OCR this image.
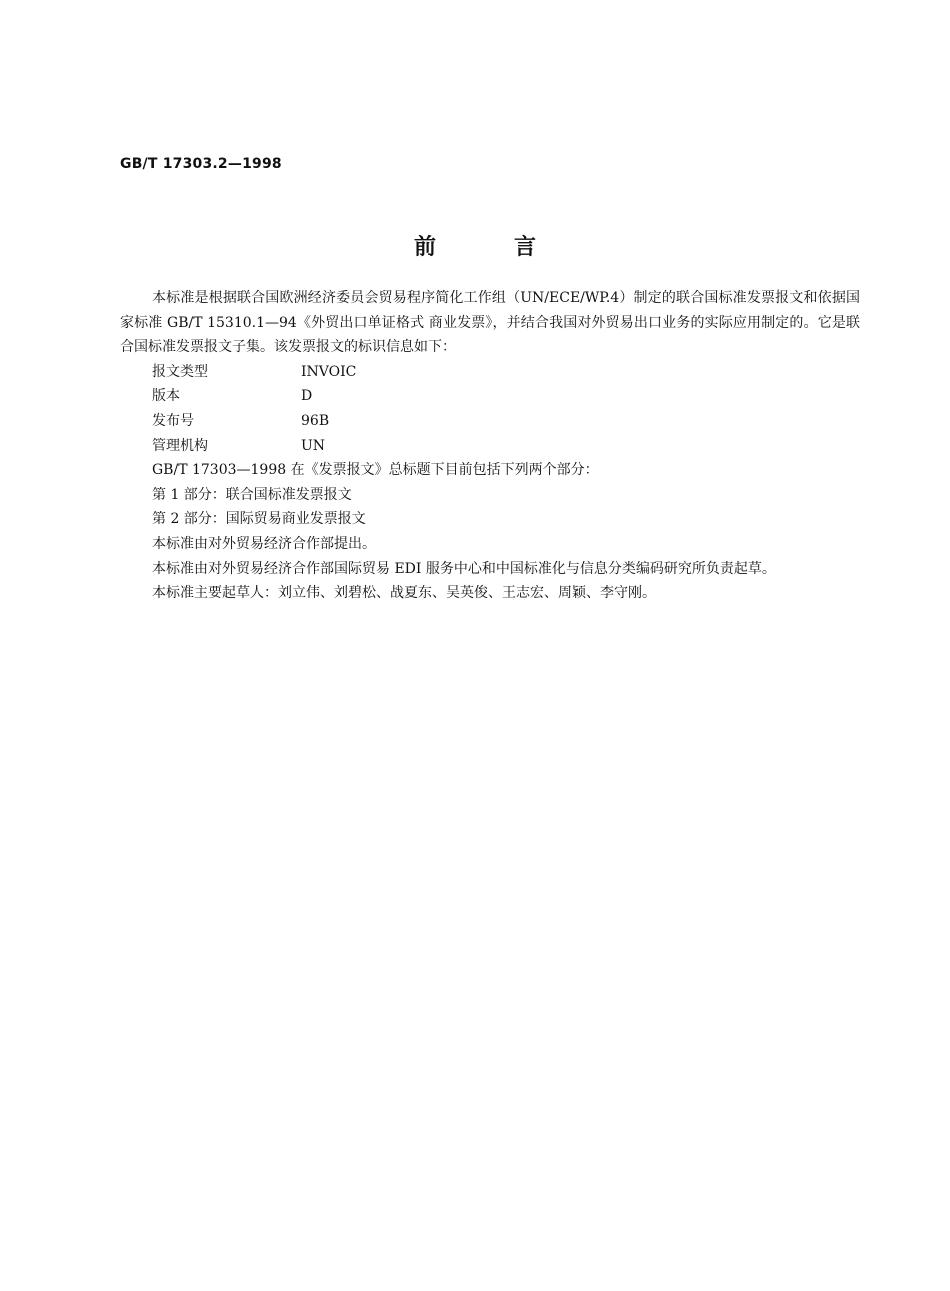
GB/T 17303.2—1998
前言

本标准是根据联合国欧洲经济委员会贸易程序简化工作组（UN/ECE/WP.4）制定的联合国标准发票报文和依据国家标准 GB/T 15310.1—94《外贸出口单证格式 商业发票》，并结合我国对外贸易出口业务的实际应用制定的。它是联合国标准发票报文子集。该发票报文的标识信息如下：

报文类型	INVOIC
版本	D
发布号	96B
管理机构	UN
GB/T 17303—1998 在《发票报文》总标题下目前包括下列两个部分：
第 1 部分：联合国标准发票报文
第 2 部分：国际贸易商业发票报文
本标准由对外贸易经济合作部提出。

本标准由对外贸易经济合作部国际贸易 EDI 服务中心和中国标准化与信息分类编码研究所负责起草。

本标准主要起草人：刘立伟、刘碧松、战夏东、吴英俊、王志宏、周颖、李守刚。
